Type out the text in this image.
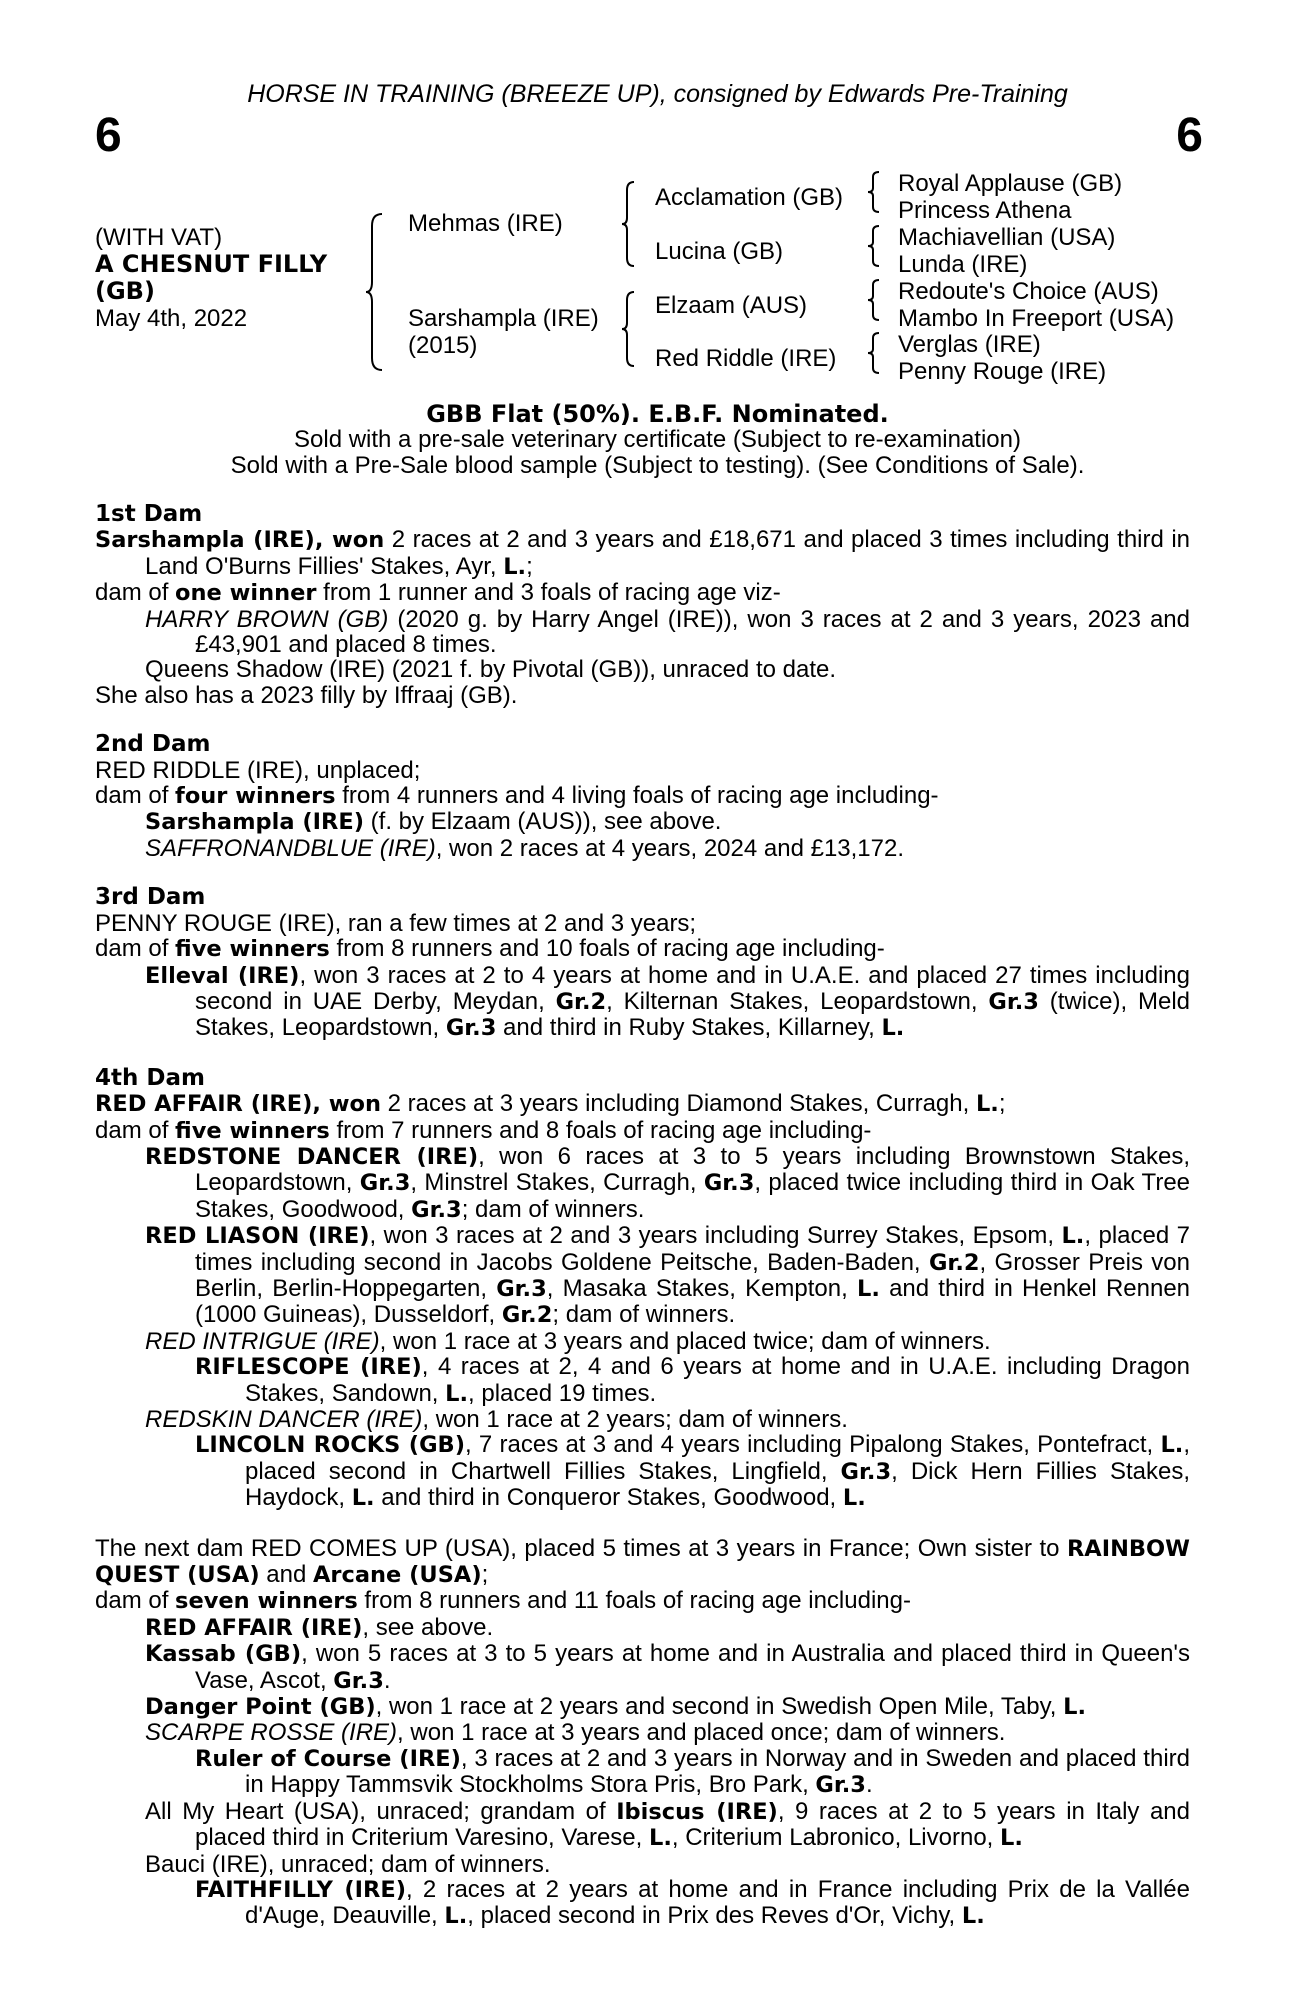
HORSE IN TRAINING (BREEZE UP), consigned by Edwards Pre-Training
6	6
(WITH VAT)
A CHESNUT FILLY
(GB)
May 4th, 2022
Mehmas (IRE)
Sarshampla (IRE)
(2015)
Acclamation (GB)
Lucina (GB)
Elzaam (AUS)
Red Riddle (IRE)
Royal Applause (GB)
Princess Athena
Machiavellian (USA)
Lunda (IRE)
Redoute's Choice (AUS)
Mambo In Freeport (USA)
Verglas (IRE)
Penny Rouge (IRE)
GBB Flat (50%). E.B.F. Nominated.
Sold with a pre-sale veterinary certificate (Subject to re-examination)
Sold with a Pre-Sale blood sample (Subject to testing). (See Conditions of Sale).

1st Dam

Sarshampla (IRE), won 2 races at 2 and 3 years and £18,671 and placed 3 times including third in Land O'Burns Fillies' Stakes, Ayr, L.;

dam of one winner from 1 runner and 3 foals of racing age viz-

HARRY BROWN (GB) (2020 g. by Harry Angel (IRE)), won 3 races at 2 and 3 years, 2023 and £43,901 and placed 8 times.

Queens Shadow (IRE) (2021 f. by Pivotal (GB)), unraced to date.

She also has a 2023 filly by Iffraaj (GB).

2nd Dam

RED RIDDLE (IRE), unplaced;

dam of four winners from 4 runners and 4 living foals of racing age including-

Sarshampla (IRE) (f. by Elzaam (AUS)), see above.

SAFFRONANDBLUE (IRE), won 2 races at 4 years, 2024 and £13,172.

3rd Dam

PENNY ROUGE (IRE), ran a few times at 2 and 3 years;

dam of five winners from 8 runners and 10 foals of racing age including-

Elleval (IRE), won 3 races at 2 to 4 years at home and in U.A.E. and placed 27 times including second in UAE Derby, Meydan, Gr.2, Kilternan Stakes, Leopardstown, Gr.3 (twice), Meld Stakes, Leopardstown, Gr.3 and third in Ruby Stakes, Killarney, L.

4th Dam

RED AFFAIR (IRE), won 2 races at 3 years including Diamond Stakes, Curragh, L.;

dam of five winners from 7 runners and 8 foals of racing age including-

REDSTONE DANCER (IRE), won 6 races at 3 to 5 years including Brownstown Stakes, Leopardstown, Gr.3, Minstrel Stakes, Curragh, Gr.3, placed twice including third in Oak Tree Stakes, Goodwood, Gr.3; dam of winners.

RED LIASON (IRE), won 3 races at 2 and 3 years including Surrey Stakes, Epsom, L., placed 7 times including second in Jacobs Goldene Peitsche, Baden-Baden, Gr.2, Grosser Preis von Berlin, Berlin-Hoppegarten, Gr.3, Masaka Stakes, Kempton, L. and third in Henkel Rennen (1000 Guineas), Dusseldorf, Gr.2; dam of winners.

RED INTRIGUE (IRE), won 1 race at 3 years and placed twice; dam of winners.

RIFLESCOPE (IRE), 4 races at 2, 4 and 6 years at home and in U.A.E. including Dragon Stakes, Sandown, L., placed 19 times.

REDSKIN DANCER (IRE), won 1 race at 2 years; dam of winners.

LINCOLN ROCKS (GB), 7 races at 3 and 4 years including Pipalong Stakes, Pontefract, L., placed second in Chartwell Fillies Stakes, Lingfield, Gr.3, Dick Hern Fillies Stakes, Haydock, L. and third in Conqueror Stakes, Goodwood, L.

The next dam RED COMES UP (USA), placed 5 times at 3 years in France; Own sister to RAINBOW QUEST (USA) and Arcane (USA);

dam of seven winners from 8 runners and 11 foals of racing age including-

RED AFFAIR (IRE), see above.

Kassab (GB), won 5 races at 3 to 5 years at home and in Australia and placed third in Queen's Vase, Ascot, Gr.3.

Danger Point (GB), won 1 race at 2 years and second in Swedish Open Mile, Taby, L.

SCARPE ROSSE (IRE), won 1 race at 3 years and placed once; dam of winners.

Ruler of Course (IRE), 3 races at 2 and 3 years in Norway and in Sweden and placed third in Happy Tammsvik Stockholms Stora Pris, Bro Park, Gr.3.

All My Heart (USA), unraced; grandam of Ibiscus (IRE), 9 races at 2 to 5 years in Italy and placed third in Criterium Varesino, Varese, L., Criterium Labronico, Livorno, L.

Bauci (IRE), unraced; dam of winners.

FAITHFILLY (IRE), 2 races at 2 years at home and in France including Prix de la Vallée d'Auge, Deauville, L., placed second in Prix des Reves d'Or, Vichy, L.
